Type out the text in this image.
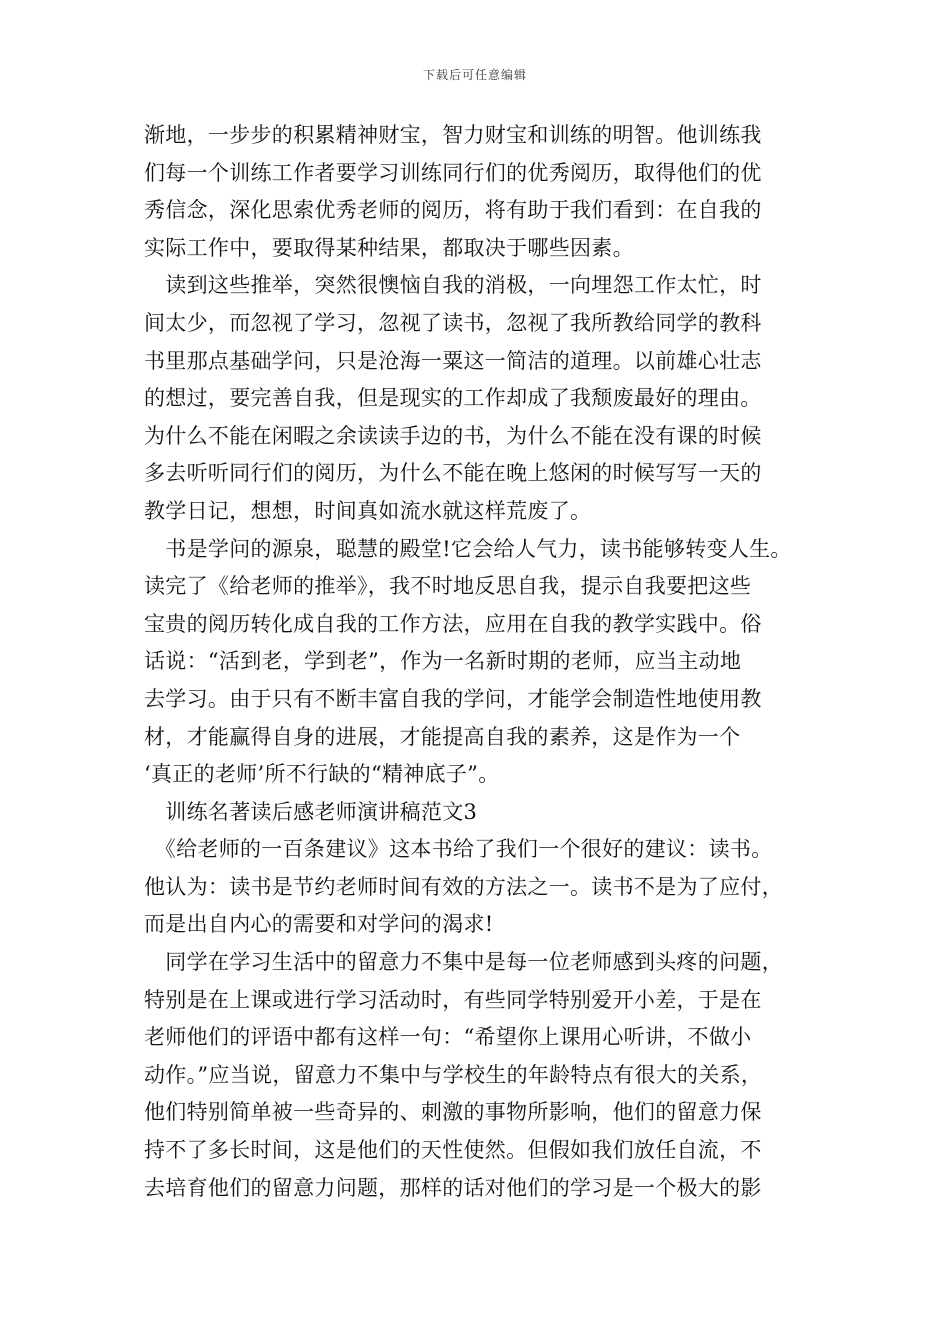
下载后可任意编辑
渐地，一步步的积累精神财宝，智力财宝和训练的明智。他训练我
们每一个训练工作者要学习训练同行们的优秀阅历，取得他们的优
秀信念，深化思索优秀老师的阅历，将有助于我们看到：在自我的
实际工作中，要取得某种结果，都取决于哪些因素。
　读到这些推举，突然很懊恼自我的消极，一向埋怨工作太忙，时
间太少，而忽视了学习，忽视了读书，忽视了我所教给同学的教科
书里那点基础学问，只是沧海一粟这一简洁的道理。以前雄心壮志
的想过，要完善自我，但是现实的工作却成了我颓废最好的理由。
为什么不能在闲暇之余读读手边的书，为什么不能在没有课的时候
多去听听同行们的阅历，为什么不能在晚上悠闲的时候写写一天的
教学日记，想想，时间真如流水就这样荒废了。
　书是学问的源泉，聪慧的殿堂!它会给人气力，读书能够转变人生。
读完了《给老师的推举》，我不时地反思自我，提示自我要把这些
宝贵的阅历转化成自我的工作方法，应用在自我的教学实践中。俗
话说：“活到老，学到老”，作为一名新时期的老师，应当主动地
去学习。由于只有不断丰富自我的学问，才能学会制造性地使用教
材，才能赢得自身的进展，才能提高自我的素养，这是作为一个
‘真正的老师’所不行缺的“精神底子”。
　训练名著读后感老师演讲稿范文3
　《给老师的一百条建议》这本书给了我们一个很好的建议：读书。
他认为：读书是节约老师时间有效的方法之一。读书不是为了应付，
而是出自内心的需要和对学问的渴求!
　同学在学习生活中的留意力不集中是每一位老师感到头疼的问题，
特别是在上课或进行学习活动时，有些同学特别爱开小差，于是在
老师他们的评语中都有这样一句：“希望你上课用心听讲，不做小
动作。”应当说，留意力不集中与学校生的年龄特点有很大的关系，
他们特别简单被一些奇异的、刺激的事物所影响，他们的留意力保
持不了多长时间，这是他们的天性使然。但假如我们放任自流，不
去培育他们的留意力问题，那样的话对他们的学习是一个极大的影
